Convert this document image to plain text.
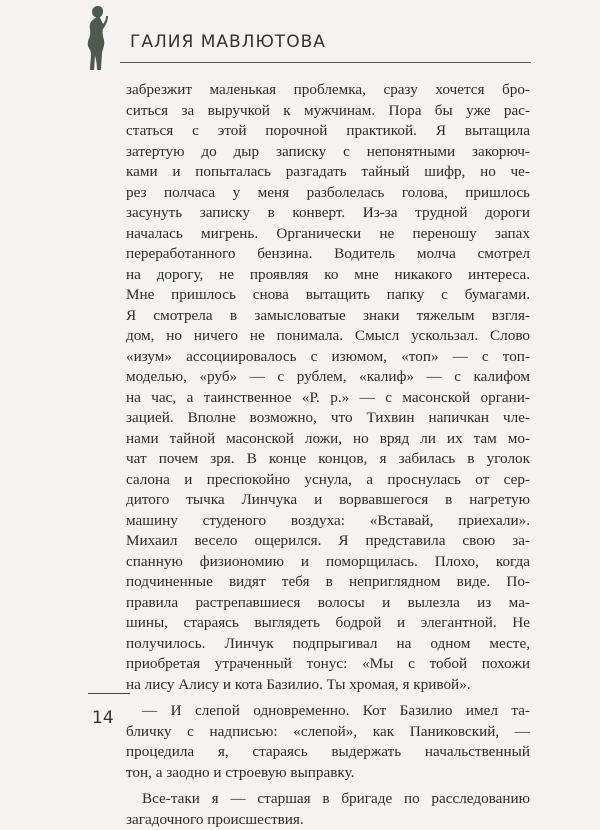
ГАЛИЯ МАВЛЮТОВА
забрезжит маленькая проблемка, сразу хочется бро-
ситься за выручкой к мужчинам. Пора бы уже рас-
статься с этой порочной практикой. Я вытащила
затертую до дыр записку с непонятными закорюч-
ками и попыталась разгадать тайный шифр, но че-
рез полчаса у меня разболелась голова, пришлось
засунуть записку в конверт. Из-за трудной дороги
началась мигрень. Органически не переношу запах
переработанного бензина. Водитель молча смотрел
на дорогу, не проявляя ко мне никакого интереса.
Мне пришлось снова вытащить папку с бумагами.
Я смотрела в замысловатые знаки тяжелым взгля-
дом, но ничего не понимала. Смысл ускользал. Слово
«изум» ассоциировалось с изюмом, «топ» — с топ-
моделью, «руб» — с рублем, «калиф» — с калифом
на час, а таинственное «Р. р.» — с масонской органи-
зацией. Вполне возможно, что Тихвин напичкан чле-
нами тайной масонской ложи, но вряд ли их там мо-
чат почем зря. В конце концов, я забилась в уголок
салона и преспокойно уснула, а проснулась от сер-
дитого тычка Линчука и ворвавшегося в нагретую
машину студеного воздуха: «Вставай, приехали».
Михаил весело ощерился. Я представила свою за-
спанную физиономию и поморщилась. Плохо, когда
подчиненные видят тебя в неприглядном виде. По-
правила растрепавшиеся волосы и вылезла из ма-
шины, стараясь выглядеть бодрой и элегантной. Не
получилось. Линчук подпрыгивал на одном месте,
приобретая утраченный тонус: «Мы с тобой похожи
на лису Алису и кота Базилио. Ты хромая, я кривой».
— И слепой одновременно. Кот Базилио имел та-
бличку с надписью: «слепой», как Паниковский, —
процедила я, стараясь выдержать начальственный
тон, а заодно и строевую выправку.
Все-таки я — старшая в бригаде по расследованию
загадочного происшествия.
14
